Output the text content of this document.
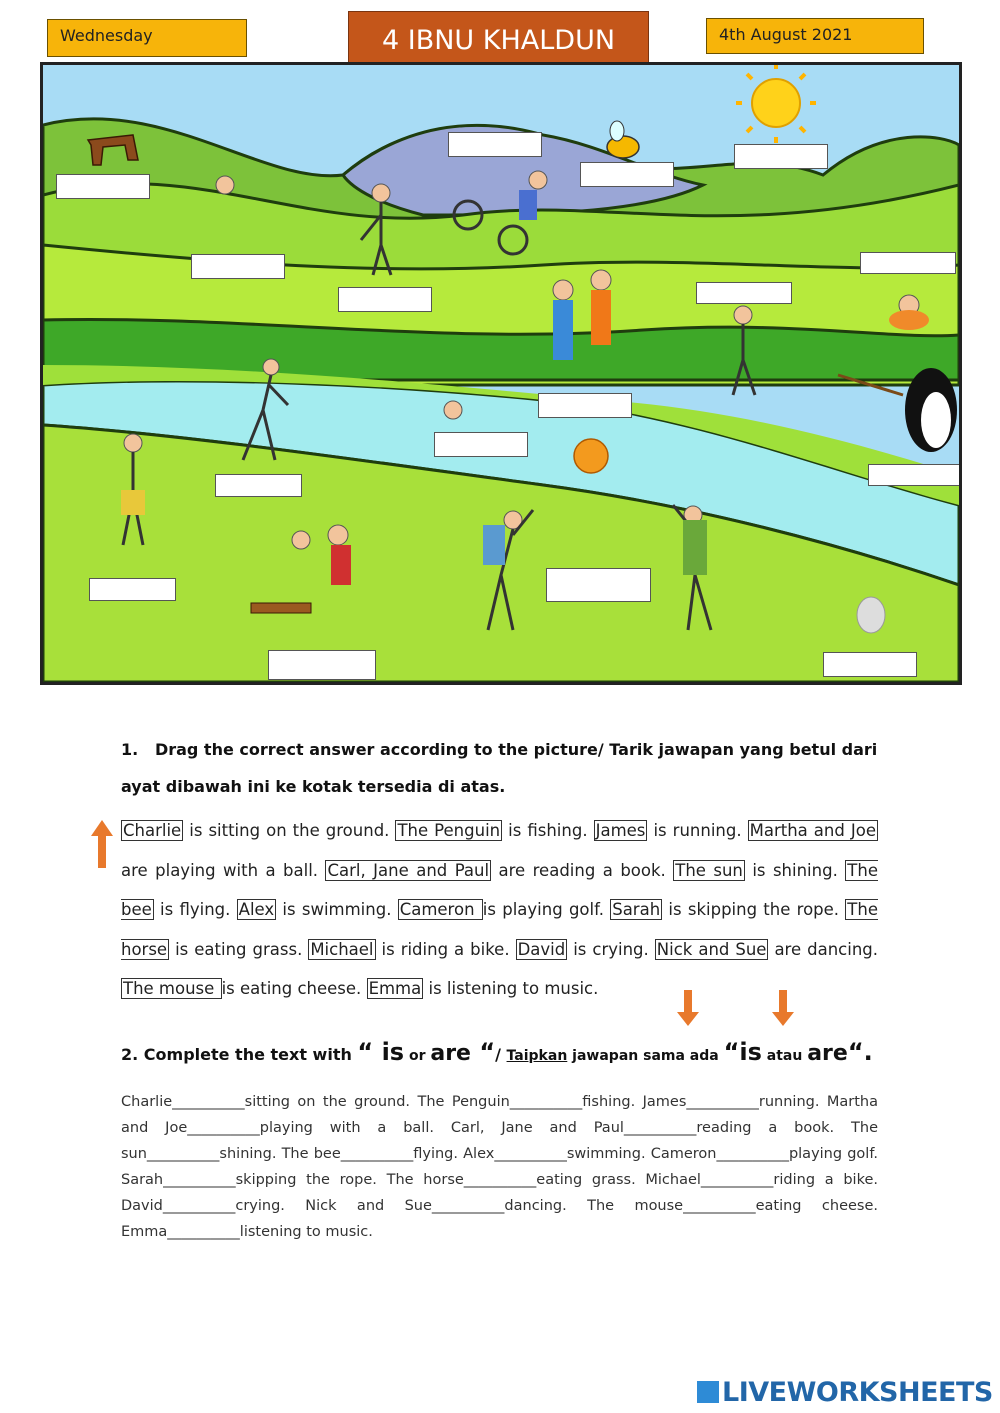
Wednesday	4 IBNU KHALDUN	4th August 2021
1. Drag the correct answer according to the picture/ Tarik jawapan yang betul dari ayat dibawah ini ke kotak tersedia di atas.
Charlie is sitting on the ground. The Penguin is fishing. James is running. Martha and Joe are playing with a ball. Carl, Jane and Paul are reading a book. The sun is shining. The bee is flying. Alex is swimming. Cameron is playing golf. Sarah is skipping the rope. The horse is eating grass. Michael is riding a bike. David is crying. Nick and Sue are dancing. The mouse is eating cheese. Emma is listening to music.
2. Complete the text with “ is or are “/ Taipkan jawapan sama ada “is atau are“.
Charlie__________sitting on the ground. The Penguin__________fishing. James__________running. Martha and Joe__________playing with a ball. Carl, Jane and Paul__________reading a book. The sun__________shining. The bee__________flying. Alex__________swimming. Cameron__________playing golf. Sarah__________skipping the rope. The horse__________eating grass. Michael__________riding a bike. David__________crying. Nick and Sue__________dancing. The mouse__________eating cheese. Emma__________listening to music.
LIVEWORKSHEETS
